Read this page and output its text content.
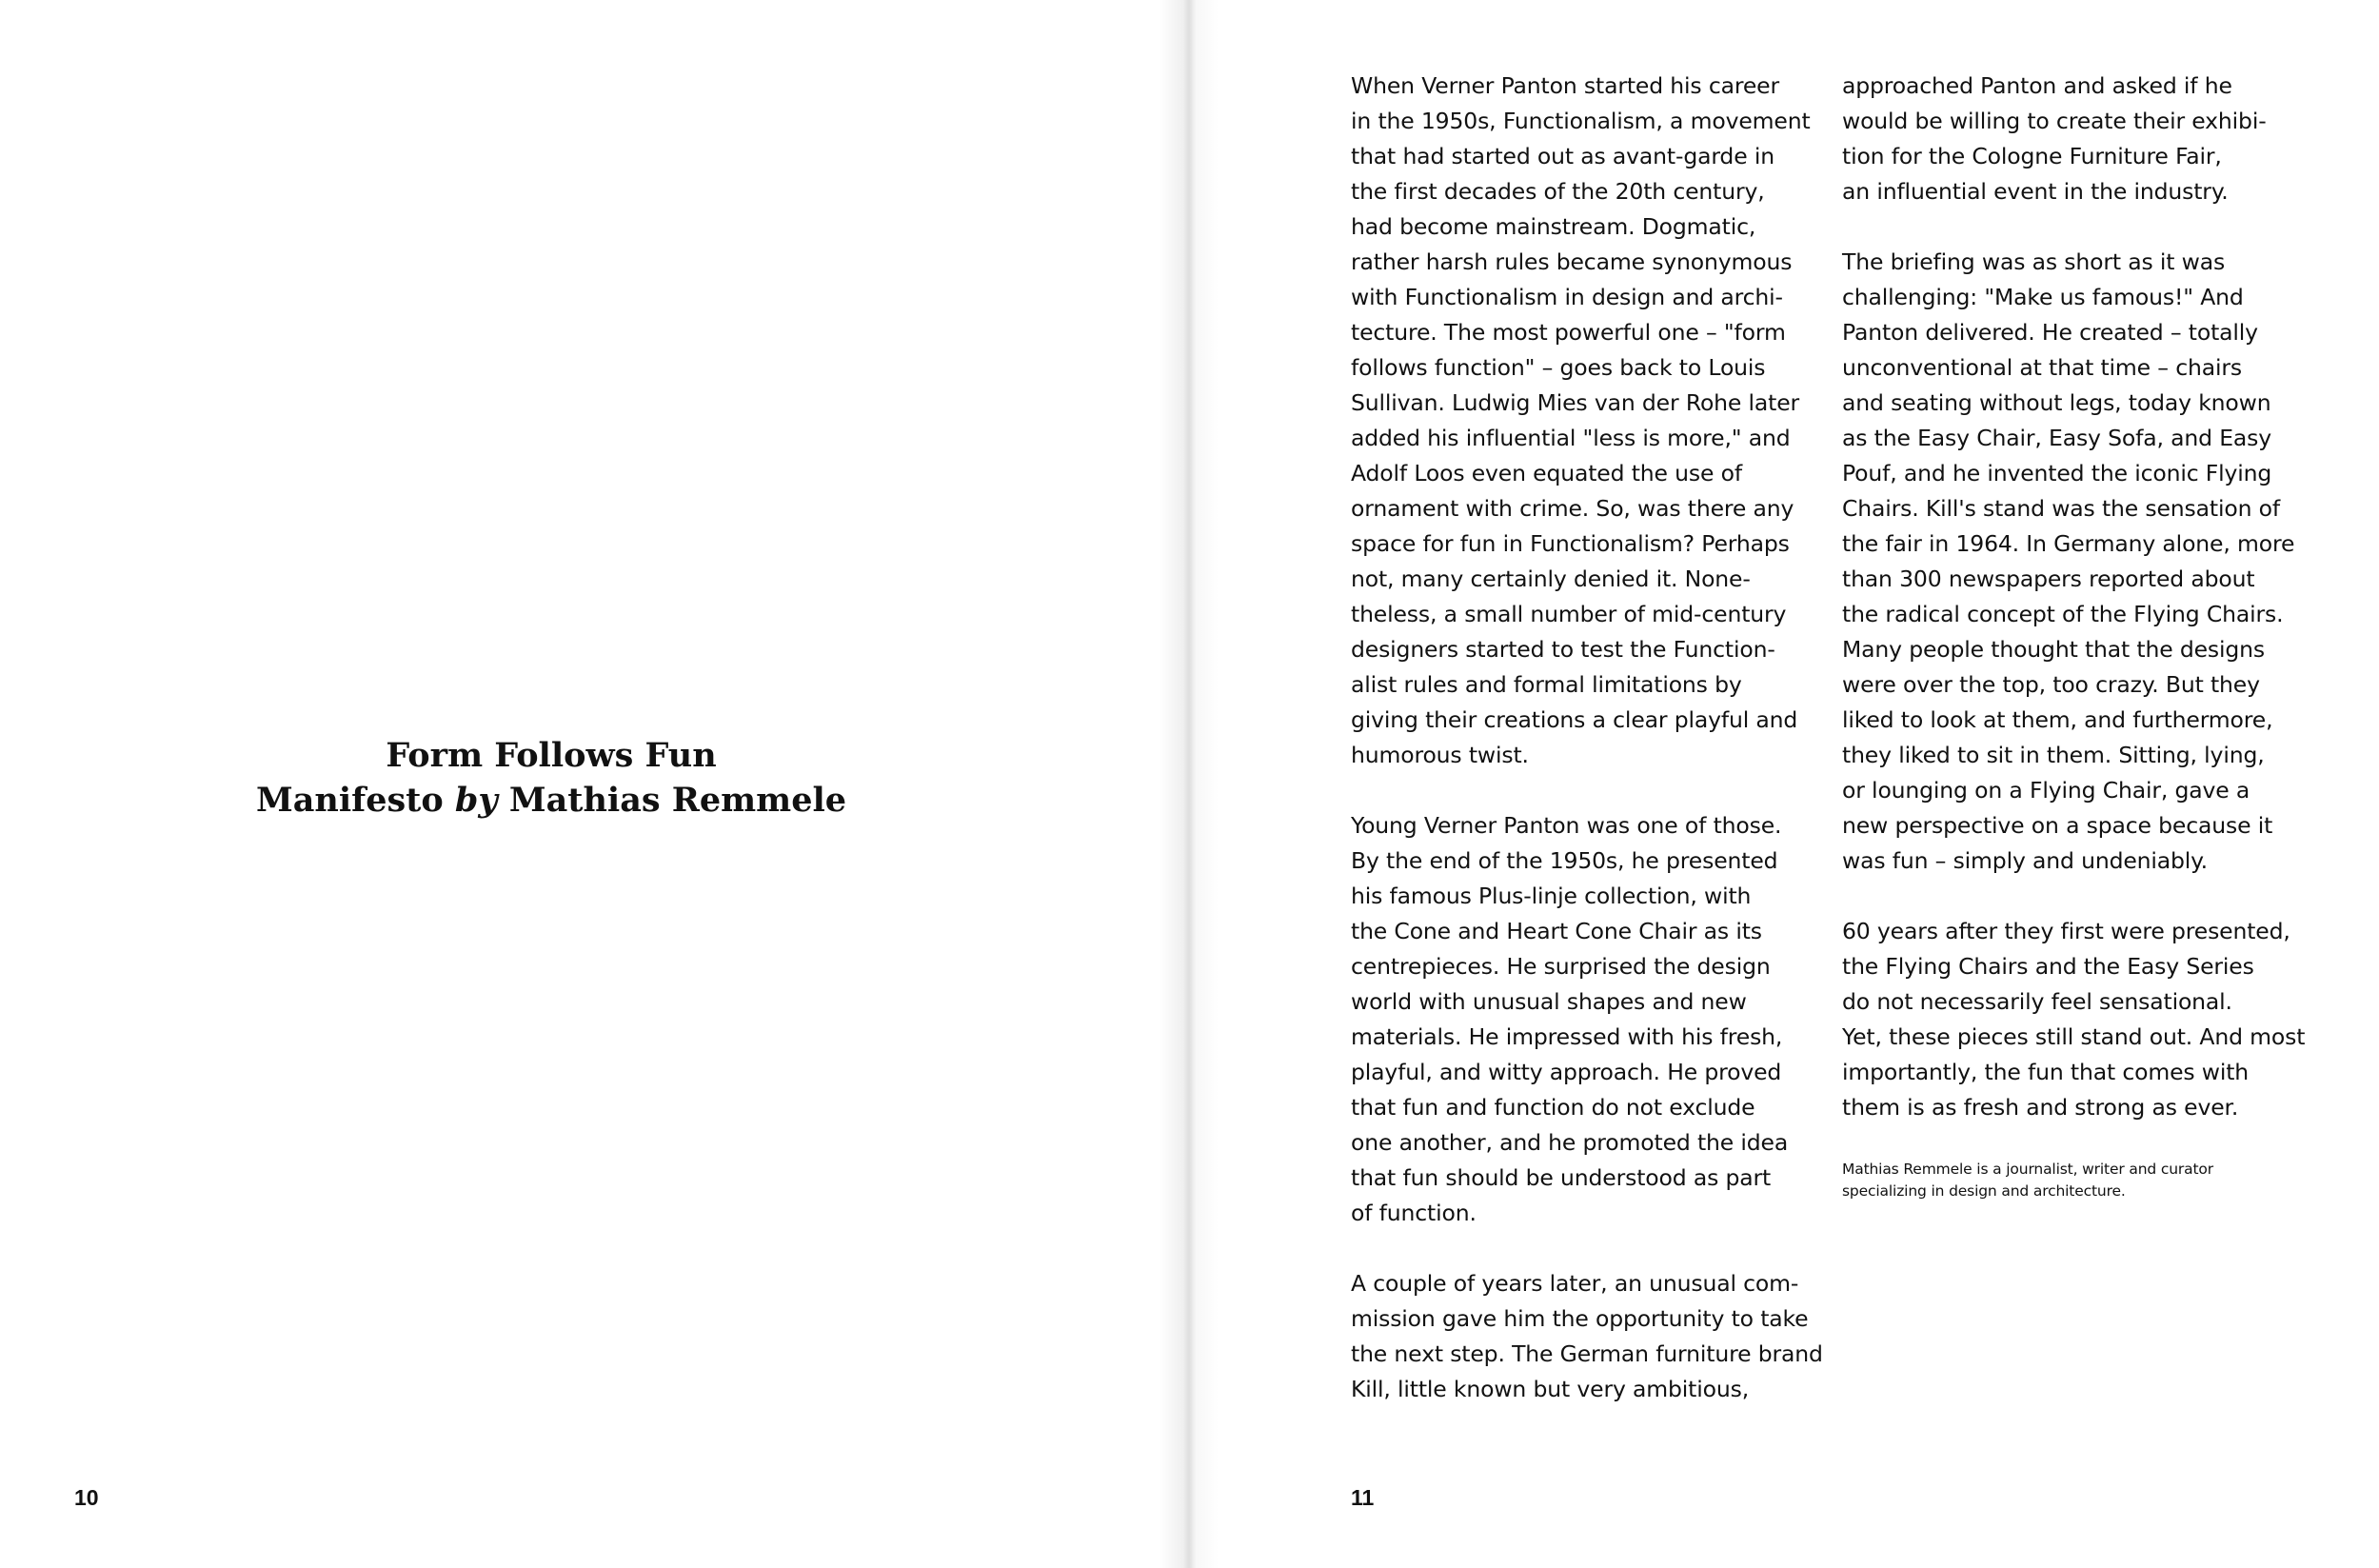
Form Follows Fun
Manifesto by Mathias Remmele
10
When Verner Panton started his career
in the 1950s, Functionalism, a movement
that had started out as avant-garde in
the first decades of the 20th century,
had become mainstream. Dogmatic,
rather harsh rules became synonymous
with Functionalism in design and archi-
tecture. The most powerful one – "form
follows function" – goes back to Louis
Sullivan. Ludwig Mies van der Rohe later
added his influential "less is more," and
Adolf Loos even equated the use of
ornament with crime. So, was there any
space for fun in Functionalism? Perhaps
not, many certainly denied it. None-
theless, a small number of mid-century
designers started to test the Function-
alist rules and formal limitations by
giving their creations a clear playful and
humorous twist.
Young Verner Panton was one of those.
By the end of the 1950s, he presented
his famous Plus-linje collection, with
the Cone and Heart Cone Chair as its
centrepieces. He surprised the design
world with unusual shapes and new
materials. He impressed with his fresh,
playful, and witty approach. He proved
that fun and function do not exclude
one another, and he promoted the idea
that fun should be understood as part
of function.
A couple of years later, an unusual com-
mission gave him the opportunity to take
the next step. The German furniture brand
Kill, little known but very ambitious,
approached Panton and asked if he
would be willing to create their exhibi-
tion for the Cologne Furniture Fair,
an influential event in the industry.
The briefing was as short as it was
challenging: "Make us famous!" And
Panton delivered. He created – totally
unconventional at that time – chairs
and seating without legs, today known
as the Easy Chair, Easy Sofa, and Easy
Pouf, and he invented the iconic Flying
Chairs. Kill's stand was the sensation of
the fair in 1964. In Germany alone, more
than 300 newspapers reported about
the radical concept of the Flying Chairs.
Many people thought that the designs
were over the top, too crazy. But they
liked to look at them, and furthermore,
they liked to sit in them. Sitting, lying,
or lounging on a Flying Chair, gave a
new perspective on a space because it
was fun – simply and undeniably.
60 years after they first were presented,
the Flying Chairs and the Easy Series
do not necessarily feel sensational.
Yet, these pieces still stand out. And most
importantly, the fun that comes with
them is as fresh and strong as ever.
Mathias Remmele is a journalist, writer and curator
specializing in design and architecture.
11
